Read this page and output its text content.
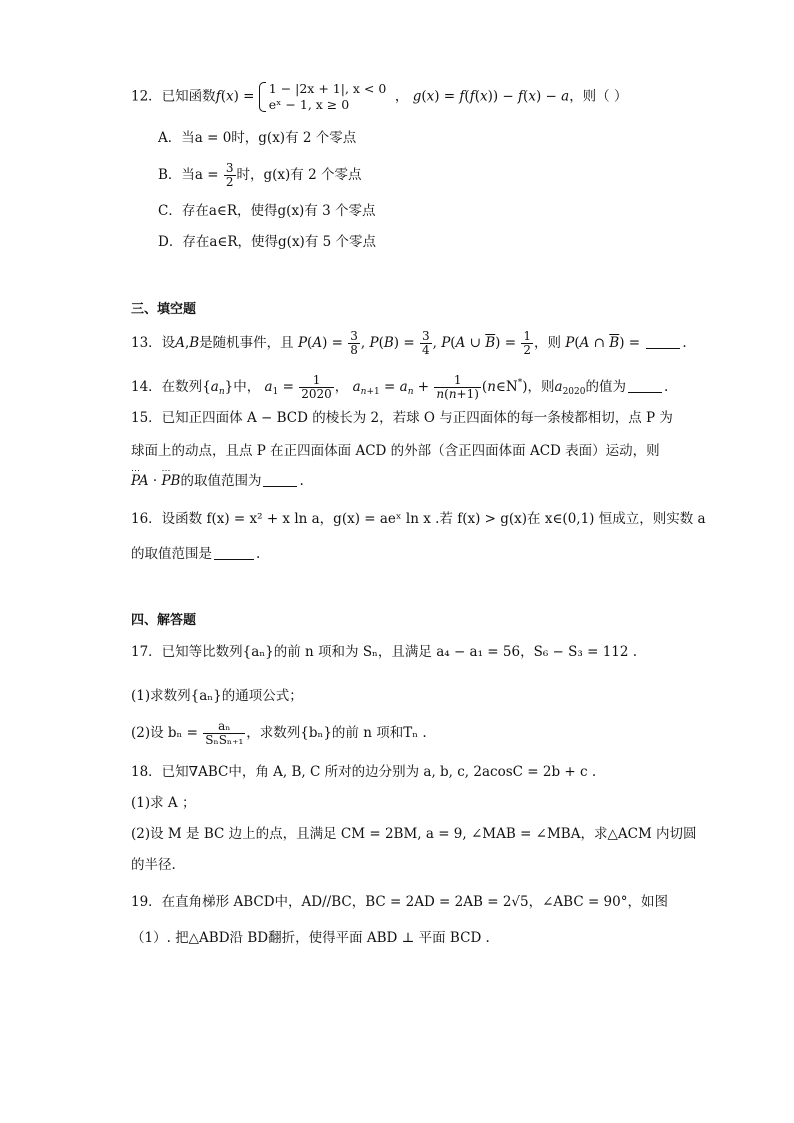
12．已知函数f(x) = 1 − |2x + 1|, x < 0
eˣ − 1, x ≥ 0	， g(x) = f(f(x)) − f(x) − a，则（ ）
A．当a = 0时，g(x)有 2 个零点
B．当$a = \frac{3}{2}$ 时，g(x)有 2 个零点
C．存在a∈R，使得g(x)有 3 个零点
D．存在a∈R，使得g(x)有 5 个零点
三、填空题
13．设A,B是随机事件，且 $P(A) = \frac{3}{8}$ , $P(B) = \frac{3}{4}$ , P(A ∪ $\overline{B}) = \frac{1}{2}$ ，则 P(A ∩ $\overline{B}$) =	.
14．在数列$\{a_n\}$中， $a_1 = \frac{1}{2020}$ ， $a_{n+1} = a_n + \frac{1}{n(n+1)}$ (n∈N*)，则$a_{2020}$的值为	.
15．已知正四面体 A − BCD 的棱长为 2，若球 O 与正四面体的每一条棱都相切，点 P 为
球面上的动点，且点 P 在正四面体面 ACD 的外部（含正四面体面 ACD 表面）运动，则
⋯ PA · ⋯ PB的取值范围为	.
16．设函数 f(x) = x² + x ln a，g(x) = aeˣ ln x .若 f(x) > g(x)在 x∈(0,1) 恒成立，则实数 a
的取值范围是	.
四、解答题
17．已知等比数列{aₙ}的前 n 项和为 Sₙ，且满足 a₄ − a₁ = 56，S₆ − S₃ = 112 .
(1)求数列{aₙ}的通项公式；
(2)设 $b_n = \frac{\text{aₙ}}{\text{SₙSₙ₊₁}}$ ，求数列{bₙ}的前 n 项和Tₙ .
18．已知∇ABC中，角 A, B, C 所对的边分别为 a, b, c, 2acosC = 2b + c .
(1)求 A ；
(2)设 M 是 BC 边上的点，且满足 CM = 2BM, a = 9, ∠MAB = ∠MBA，求△ACM 内切圆
的半径.
19．在直角梯形 ABCD中，AD//BC，BC = 2AD = 2AB = 2√5，∠ABC = 90°，如图
（1）. 把△ABD沿 BD翻折，使得平面 ABD ⊥ 平面 BCD .
